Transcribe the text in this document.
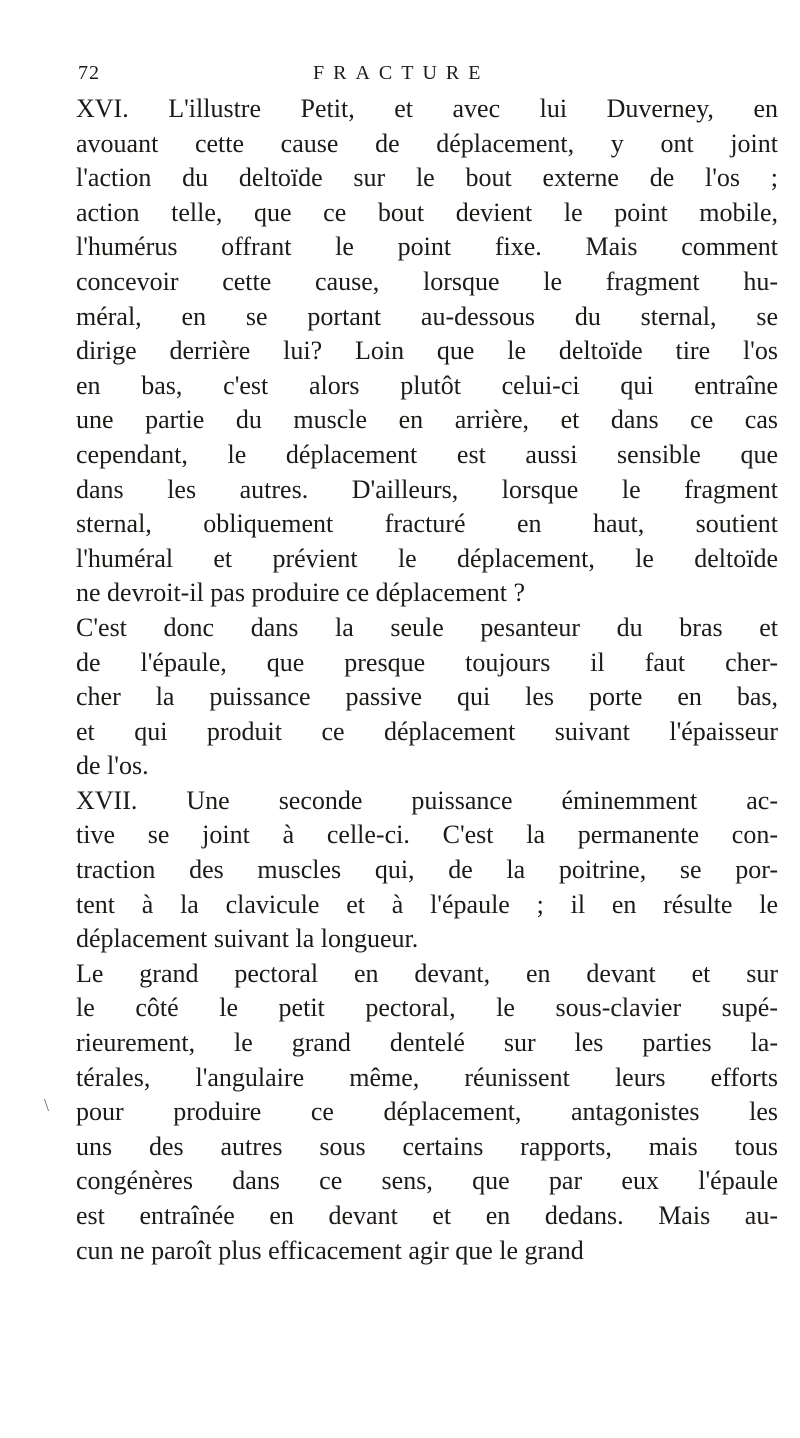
72	FRACTURE
XVI. L'illustre Petit, et avec lui Duverney, en
avouant cette cause de déplacement, y ont joint
l'action du deltoïde sur le bout externe de l'os ;
action telle, que ce bout devient le point mobile,
l'humérus offrant le point fixe. Mais comment
concevoir cette cause, lorsque le fragment hu-
méral, en se portant au-dessous du sternal, se
dirige derrière lui? Loin que le deltoïde tire l'os
en bas, c'est alors plutôt celui-ci qui entraîne
une partie du muscle en arrière, et dans ce cas
cependant, le déplacement est aussi sensible que
dans les autres. D'ailleurs, lorsque le fragment
sternal, obliquement fracturé en haut, soutient
l'huméral et prévient le déplacement, le deltoïde
ne devroit-il pas produire ce déplacement ?
C'est donc dans la seule pesanteur du bras et
de l'épaule, que presque toujours il faut cher-
cher la puissance passive qui les porte en bas,
et qui produit ce déplacement suivant l'épaisseur
de l'os.
XVII. Une seconde puissance éminemment ac-
tive se joint à celle-ci. C'est la permanente con-
traction des muscles qui, de la poitrine, se por-
tent à la clavicule et à l'épaule ; il en résulte le
déplacement suivant la longueur.
Le grand pectoral en devant, en devant et sur
le côté le petit pectoral, le sous-clavier supé-
rieurement, le grand dentelé sur les parties la-
térales, l'angulaire même, réunissent leurs efforts
pour produire ce déplacement, antagonistes les
uns des autres sous certains rapports, mais tous
congénères dans ce sens, que par eux l'épaule
est entraînée en devant et en dedans. Mais au-
cun ne paroît plus efficacement agir que le grand
\
